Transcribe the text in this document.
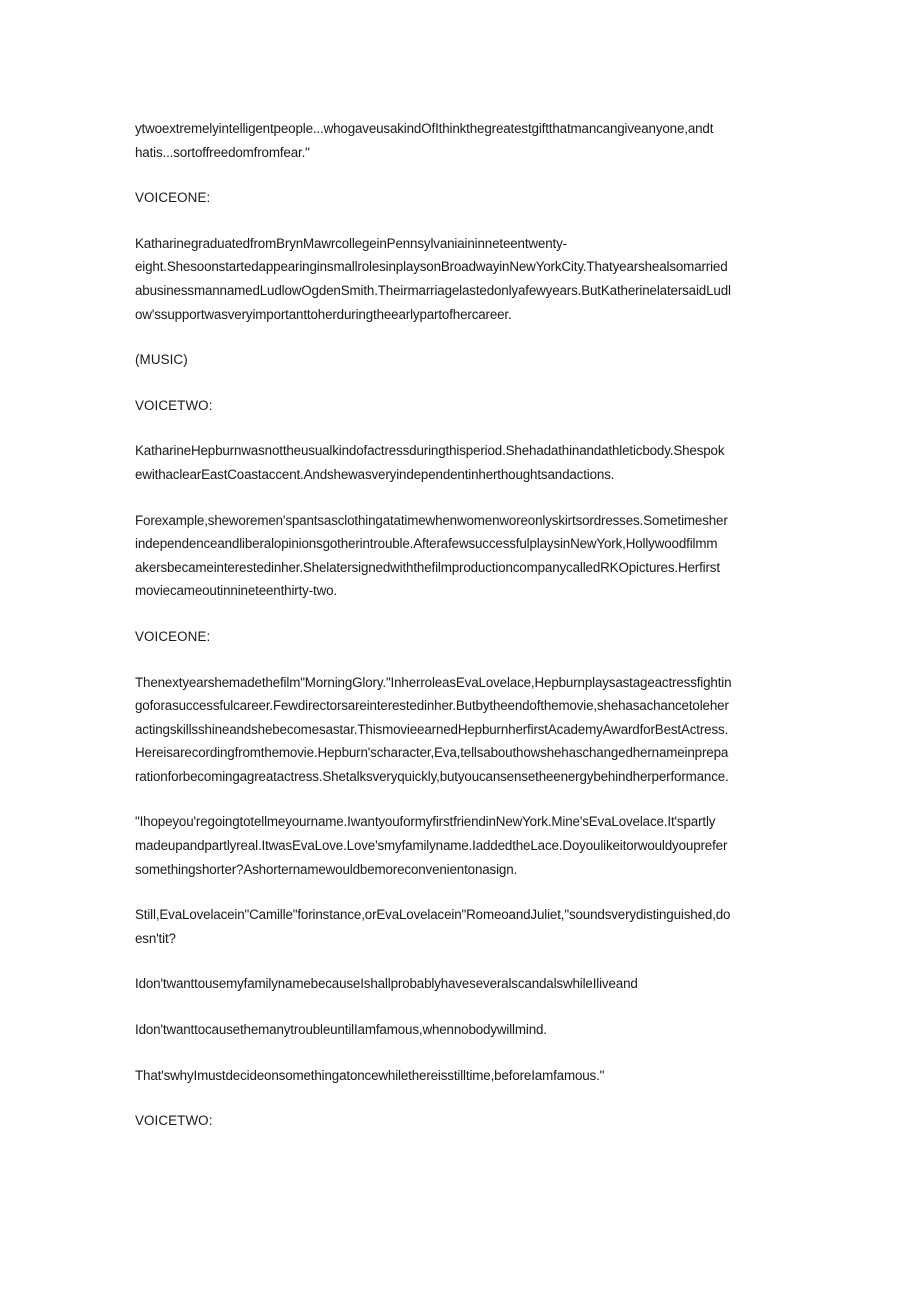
ytwoextremelyintelligentpeople...whogaveusakindOfIthinkthegreatestgiftthatmancangiveanyone,andt
hatis...sortoffreedomfromfear."

VOICEONE:

KatharinegraduatedfromBrynMawrcollegeinPennsylvaniaininneteentwenty-
eight.ShesoonstartedappearinginsmallrolesinplaysonBroadwayinNewYorkCity.Thatyearshealsomarried
abusinessmannamedLudlowOgdenSmith.Theirmarriagelastedonlyafewyears.ButKatherinelatersaidLudl
ow'ssupportwasveryimportanttoherduringtheearlypartofhercareer.

(MUSIC)

VOICETWO:

KatharineHepburnwasnottheusualkindofactressduringthisperiod.Shehadathinandathleticbody.Shespok
ewithaclearEastCoastaccent.Andshewasveryindependentinherthoughtsandactions.

Forexample,sheworemen'spantsasclothingatatimewhenwomenworeonlyskirtsordresses.Sometimesher
independenceandliberalopinionsgotherintrouble.AfterafewsuccessfulplaysinNewYork,Hollywoodfilmm
akersbecameinterestedinher.ShelatersignedwiththefilmproductioncompanycalledRKOpictures.Herfirst
moviecameoutinnineteenthirty-two.

VOICEONE:

Thenextyearshemadethefilm"MorningGlory."InherroleasEvaLovelace,Hepburnplaysastageactressfightin
goforasuccessfulcareer.Fewdirectorsareinterestedinher.Butbytheendofthemovie,shehasachancetoleher
actingskillsshineandshebecomesastar.ThismovieearnedHepburnherfirstAcademyAwardforBestActress.
Hereisarecordingfromthemovie.Hepburn'scharacter,Eva,tellsabouthowshehaschangedhernameinprepa
rationforbecomingagreatactress.Shetalksveryquickly,butyoucansensetheenergybehindherperformance.

"Ihopeyou'regoingtotellmeyourname.IwantyouformyfirstfriendinNewYork.Mine'sEvaLovelace.It'spartly
madeupandpartlyreal.ItwasEvaLove.Love'smyfamilyname.IaddedtheLace.Doyoulikeitorwouldyouprefer
somethingshorter?Ashorternamewouldbemoreconvenientonasign.

Still,EvaLovelacein"Camille"forinstance,orEvaLovelacein"RomeoandJuliet,"soundsverydistinguished,do
esn'tit?

Idon'twanttousemyfamilynamebecauseIshallprobablyhaveseveralscandalswhileIliveand

Idon'twanttocausethemanytroubleuntilIamfamous,whennobodywillmind.

That'swhyImustdecideonsomethingatoncewhilethereisstilltime,beforeIamfamous."

VOICETWO:
